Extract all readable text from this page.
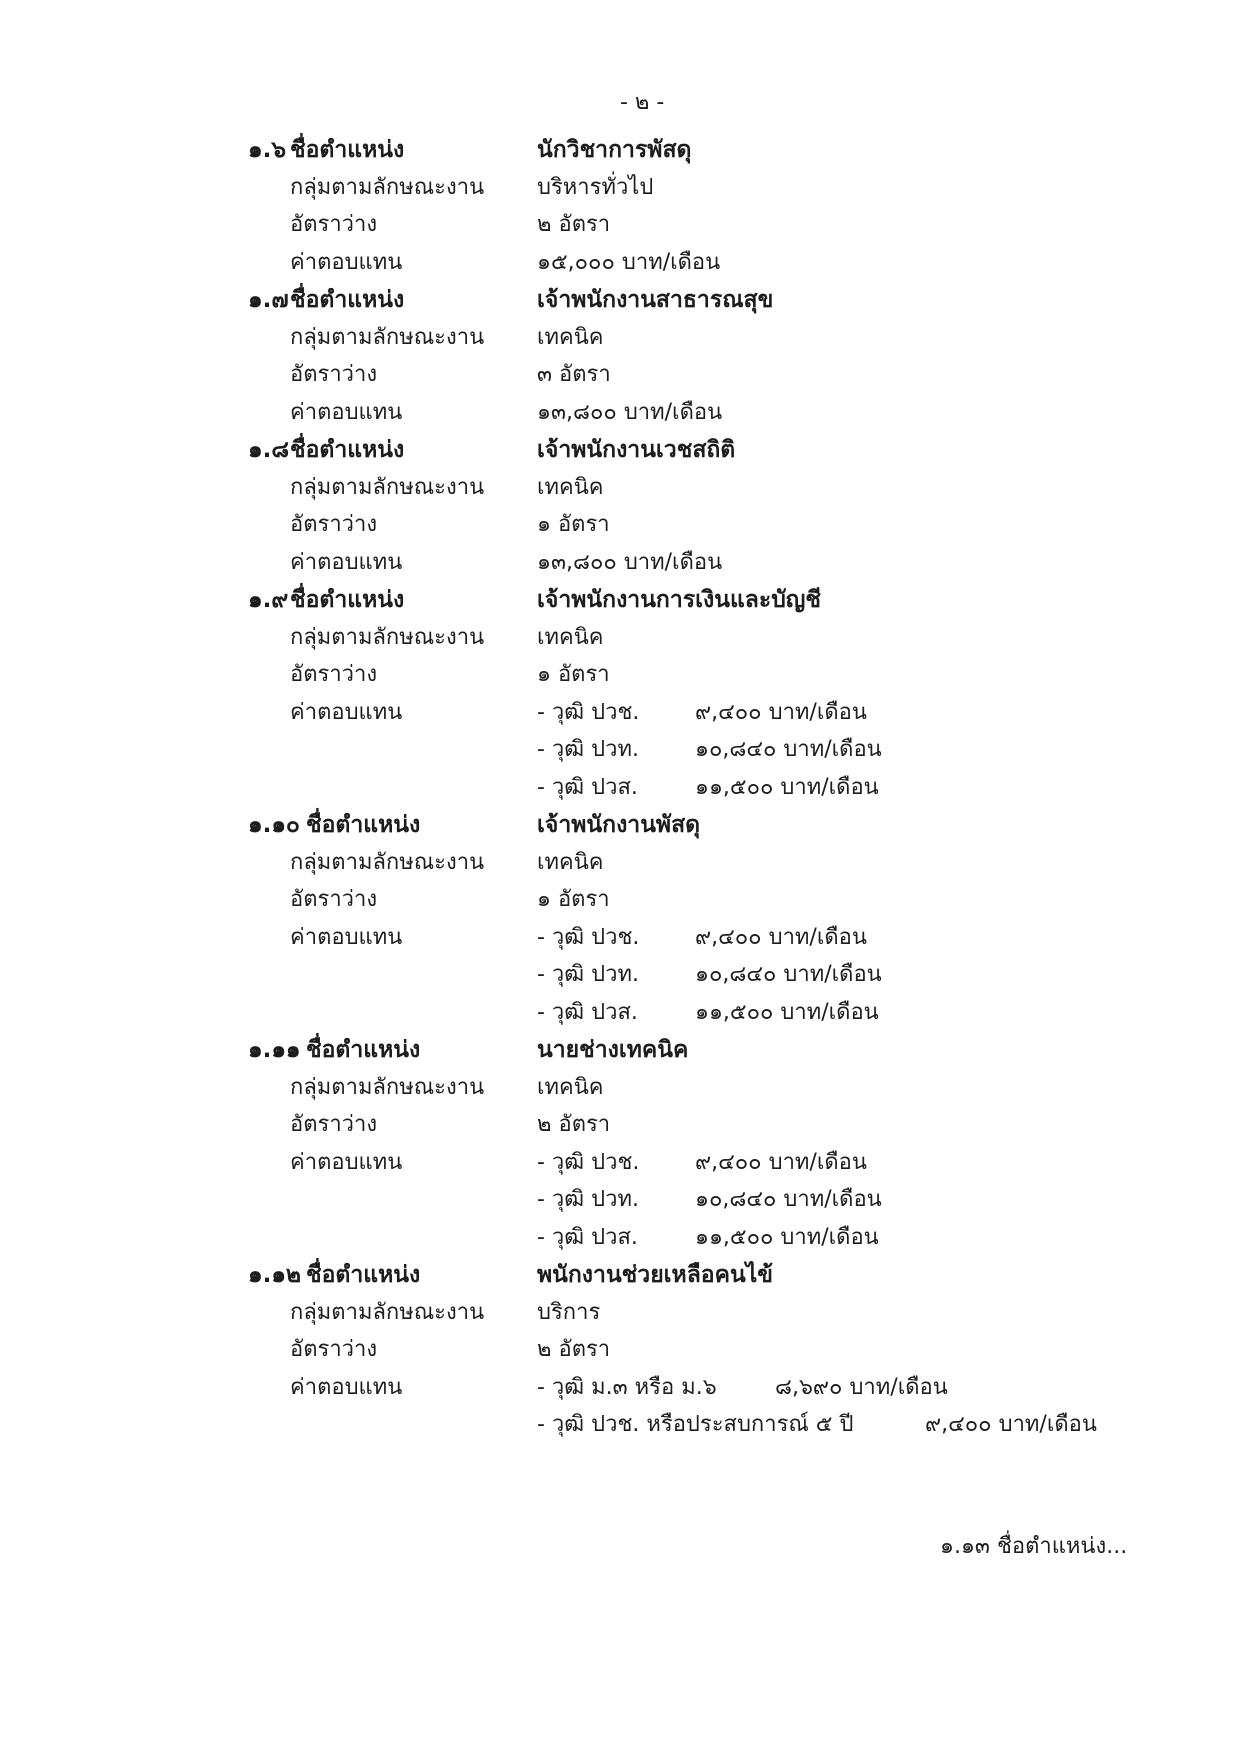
- ๒ -
๑.๑๓ ชื่อตำแหน่ง...
๑.๖ ชื่อตำแหน่ง	นักวิชาการพัสดุ
กลุ่มตามลักษณะงาน บริหารทั่วไป
อัตราว่าง	๒ อัตรา
ค่าตอบแทน	๑๕,๐๐๐ บาท/เดือน
๑.๗ ชื่อตำแหน่ง	เจ้าพนักงานสาธารณสุข
กลุ่มตามลักษณะงาน เทคนิค
อัตราว่าง	๓ อัตรา
ค่าตอบแทน	๑๓,๘๐๐ บาท/เดือน
๑.๘ ชื่อตำแหน่ง	เจ้าพนักงานเวชสถิติ
กลุ่มตามลักษณะงาน เทคนิค
อัตราว่าง	๑ อัตรา
ค่าตอบแทน	๑๓,๘๐๐ บาท/เดือน
๑.๙ ชื่อตำแหน่ง	เจ้าพนักงานการเงินและบัญชี
กลุ่มตามลักษณะงาน เทคนิค
อัตราว่าง	๑ อัตรา
ค่าตอบแทน	- วุฒิ ปวช.	๙,๔๐๐ บาท/เดือน
- วุฒิ ปวท.	๑๐,๘๔๐ บาท/เดือน
- วุฒิ ปวส.	๑๑,๕๐๐ บาท/เดือน
๑.๑๐ ชื่อตำแหน่ง	เจ้าพนักงานพัสดุ
กลุ่มตามลักษณะงาน เทคนิค
อัตราว่าง	๑ อัตรา
ค่าตอบแทน	- วุฒิ ปวช.	๙,๔๐๐ บาท/เดือน
- วุฒิ ปวท.	๑๐,๘๔๐ บาท/เดือน
- วุฒิ ปวส.	๑๑,๕๐๐ บาท/เดือน
๑.๑๑ ชื่อตำแหน่ง	นายช่างเทคนิค
กลุ่มตามลักษณะงาน เทคนิค
อัตราว่าง	๒ อัตรา
ค่าตอบแทน	- วุฒิ ปวช.	๙,๔๐๐ บาท/เดือน
- วุฒิ ปวท.	๑๐,๘๔๐ บาท/เดือน
- วุฒิ ปวส.	๑๑,๕๐๐ บาท/เดือน
๑.๑๒ ชื่อตำแหน่ง	พนักงานช่วยเหลือคนไข้
กลุ่มตามลักษณะงาน บริการ
อัตราว่าง	๒ อัตรา
ค่าตอบแทน	- วุฒิ ม.๓ หรือ ม.๖	๘,๖๙๐ บาท/เดือน
- วุฒิ ปวช. หรือประสบการณ์ ๕ ปี	๙,๔๐๐ บาท/เดือน
